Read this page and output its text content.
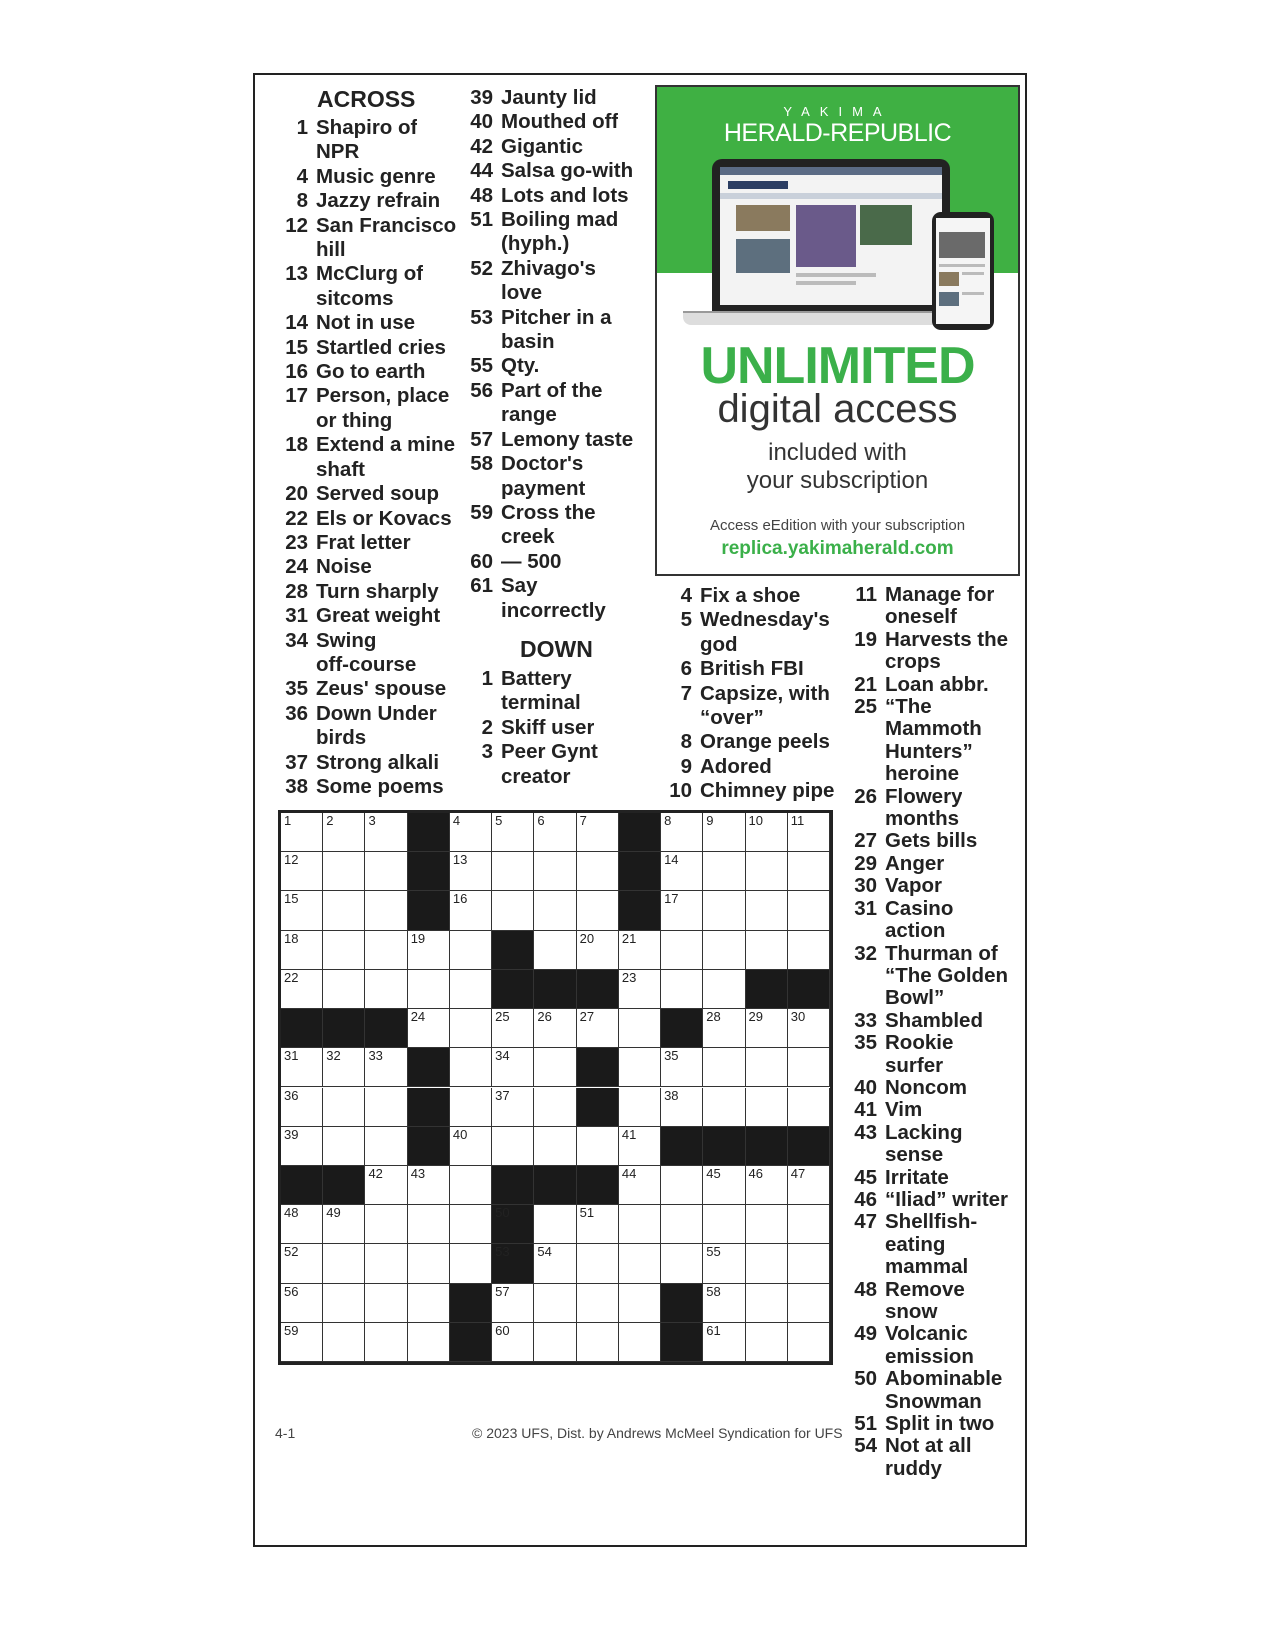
ACROSS
1 Shapiro of
NPR
4 Music genre
8 Jazzy refrain
12 San Francisco
hill
13 McClurg of
sitcoms
14 Not in use
15 Startled cries
16 Go to earth
17 Person, place
or thing
18 Extend a mine
shaft
20 Served soup
22 Els or Kovacs
23 Frat letter
24 Noise
28 Turn sharply
31 Great weight
34 Swing
off-course
35 Zeus' spouse
36 Down Under
birds
37 Strong alkali
38 Some poems
39 Jaunty lid
40 Mouthed off
42 Gigantic
44 Salsa go-with
48 Lots and lots
51 Boiling mad
(hyph.)
52 Zhivago's
love
53 Pitcher in a
basin
55 Qty.
56 Part of the
range
57 Lemony taste
58 Doctor's
payment
59 Cross the
creek
60 — 500
61 Say
incorrectly
DOWN
1 Battery
terminal
2 Skiff user
3 Peer Gynt
creator
4 Fix a shoe
5 Wednesday's
god
6 British FBI
7 Capsize, with
“over”
8 Orange peels
9 Adored
10 Chimney pipe
11 Manage for
oneself
19 Harvests the
crops
21 Loan abbr.
25 “The
Mammoth
Hunters”
heroine
26 Flowery
months
27 Gets bills
29 Anger
30 Vapor
31 Casino action
32 Thurman of
“The Golden
Bowl”
33 Shambled
35 Rookie surfer
40 Noncom
41 Vim
43 Lacking
sense
45 Irritate
46 “Iliad” writer
47 Shellfish-
eating
mammal
48 Remove snow
49 Volcanic
emission
50 Abominable
Snowman
51 Split in two
54 Not at all
ruddy
YAKIMA
HERALD-REPUBLIC
UNLIMITED
digital access
included with
your subscription
Access eEdition with your subscription
replica.yakimaherald.com
1	2	3	4	5	6	7	8	9	10 11
12	13	14
15	16	17
18	19	20 21
22	23
24	25 26 27	28 29 30
31 32 33	34	35
36	37	38
39	40	41
42 43	44	45 46 47
48 49	50	51
52	53 54	55
56	57	58
59	60	61
4-1	© 2023 UFS, Dist. by Andrews McMeel Syndication for UFS
